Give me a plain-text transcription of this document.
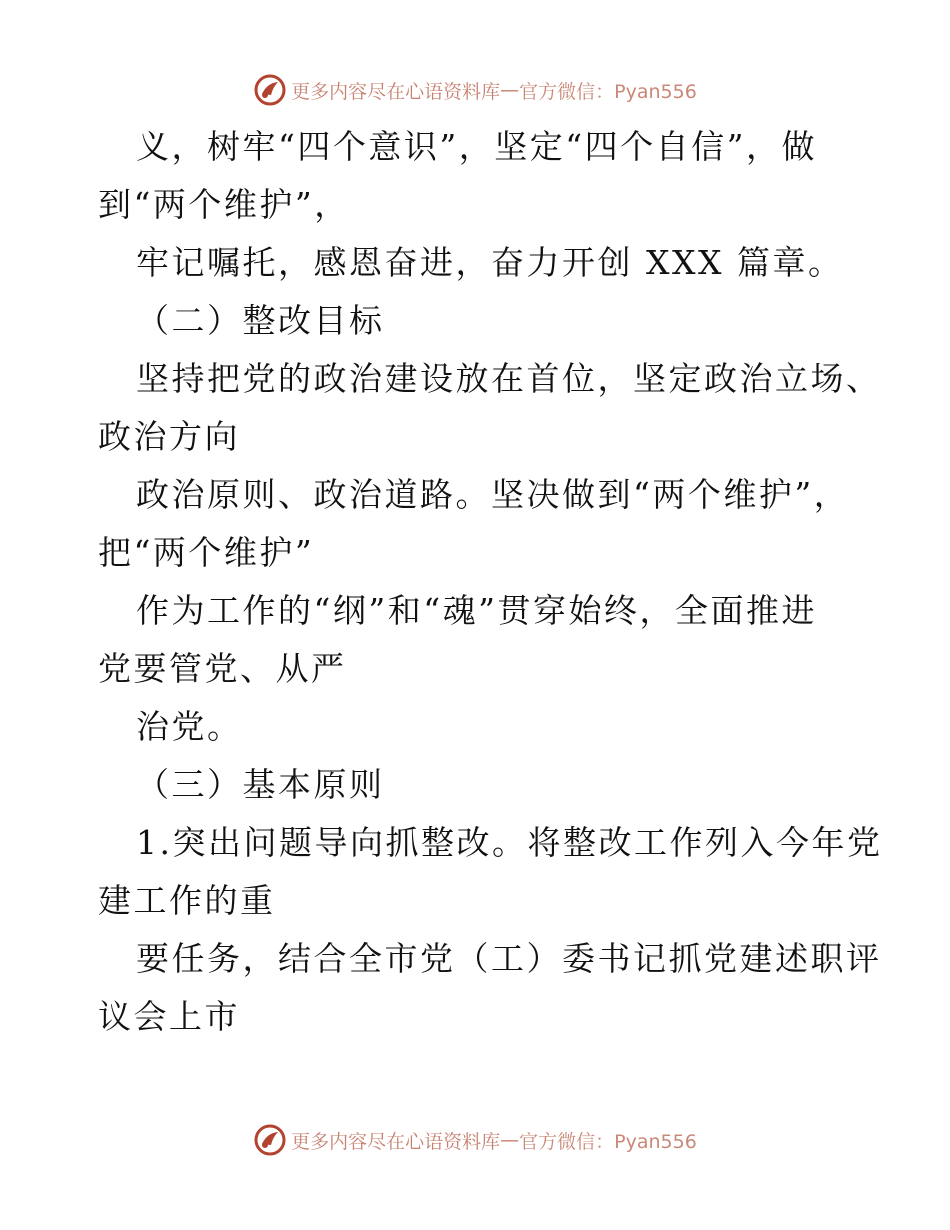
更多内容尽在心语资料库 — 官方微信：Pyan556
义，树牢“四个意识”，坚定“四个自信”，做
到“两个维护”，
牢记嘱托，感恩奋进，奋力开创 XXX 篇章。
（二）整改目标
坚持把党的政治建设放在首位，坚定政治立场、
政治方向
政治原则、政治道路。坚决做到“两个维护”，
把“两个维护”
作为工作的“纲”和“魂”贯穿始终，全面推进
党要管党、从严
治党。
（三）基本原则
1.突出问题导向抓整改。将整改工作列入今年党
建工作的重
要任务，结合全市党（工）委书记抓党建述职评
议会上市
更多内容尽在心语资料库 — 官方微信：Pyan556
